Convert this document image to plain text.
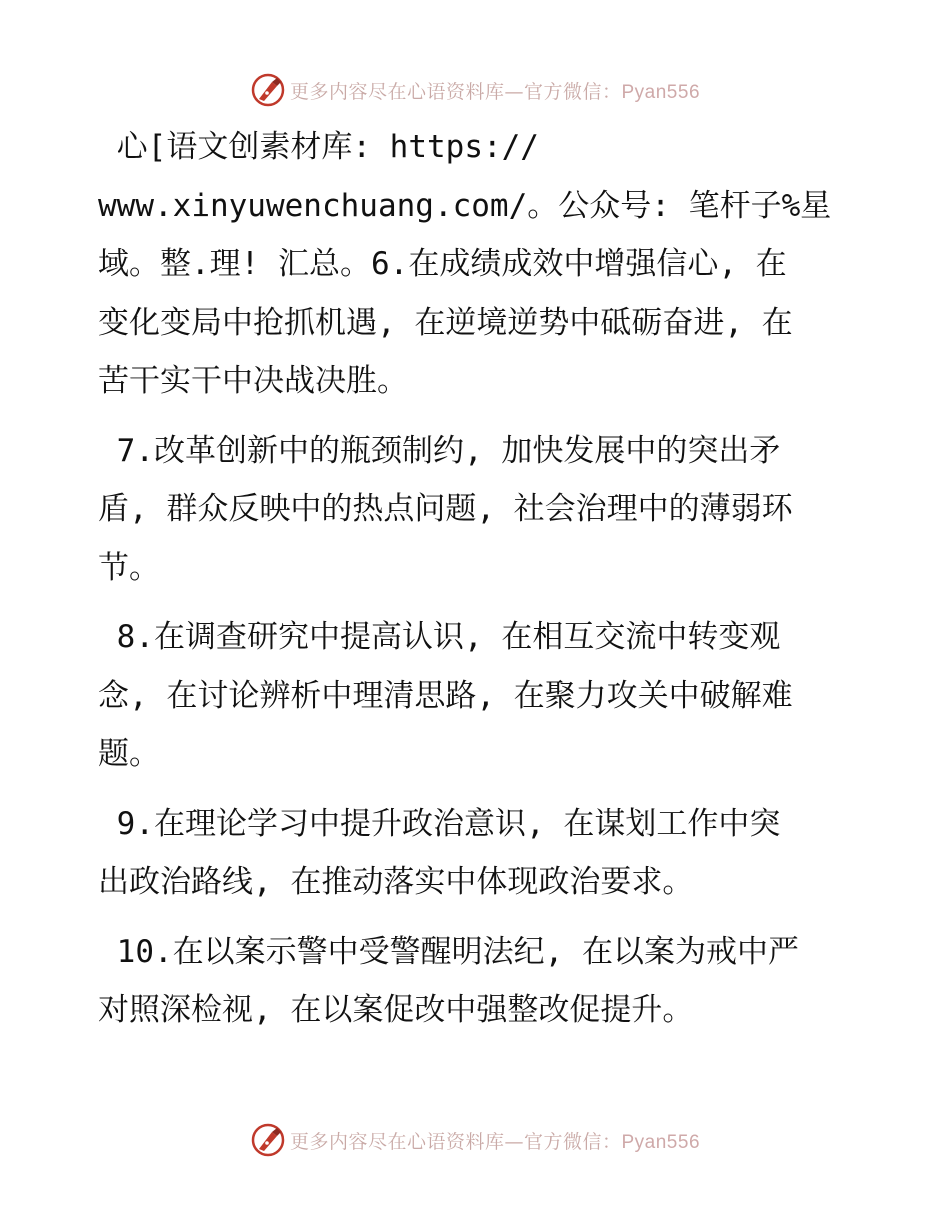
更多内容尽在心语资料库—官方微信：Pyan556

心[语文创素材库: https://
www.xinyuwenchuang.com/。公众号: 笔杆子%星
域。整.理! 汇总。6.在成绩成效中增强信心, 在
变化变局中抢抓机遇, 在逆境逆势中砥砺奋进, 在
苦干实干中决战决胜。

7.改革创新中的瓶颈制约, 加快发展中的突出矛
盾, 群众反映中的热点问题, 社会治理中的薄弱环
节。

8.在调查研究中提高认识, 在相互交流中转变观
念, 在讨论辨析中理清思路, 在聚力攻关中破解难
题。

9.在理论学习中提升政治意识, 在谋划工作中突
出政治路线, 在推动落实中体现政治要求。

10.在以案示警中受警醒明法纪, 在以案为戒中严
对照深检视, 在以案促改中强整改促提升。

更多内容尽在心语资料库—官方微信：Pyan556
